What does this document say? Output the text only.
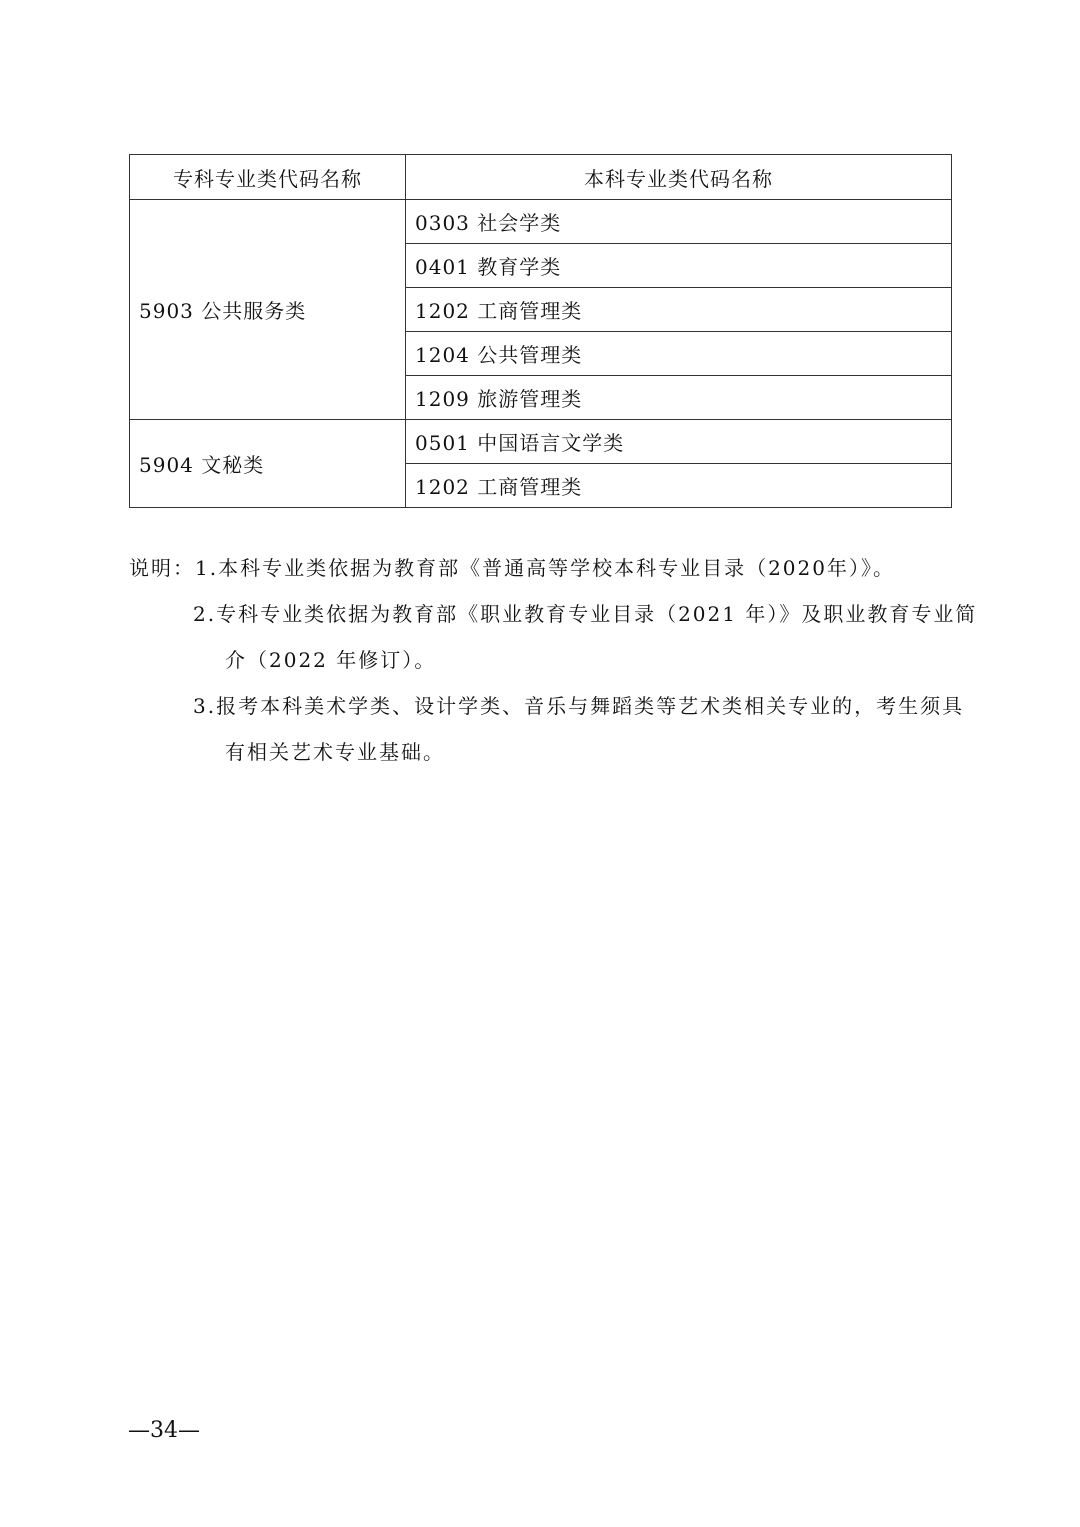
专科专业类代码名称	本科专业类代码名称
5903 公共服务类	0303 社会学类
	0401 教育学类
	1202 工商管理类
	1204 公共管理类
	1209 旅游管理类
5904 文秘类	0501 中国语言文学类
	1202 工商管理类
说明：1.本科专业类依据为教育部《普通高等学校本科专业目录（2020年）》。
2.专科专业类依据为教育部《职业教育专业目录（2021 年）》及职业教育专业简
介（2022 年修订）。
3.报考本科美术学类、设计学类、音乐与舞蹈类等艺术类相关专业的，考生须具
有相关艺术专业基础。
—34—
